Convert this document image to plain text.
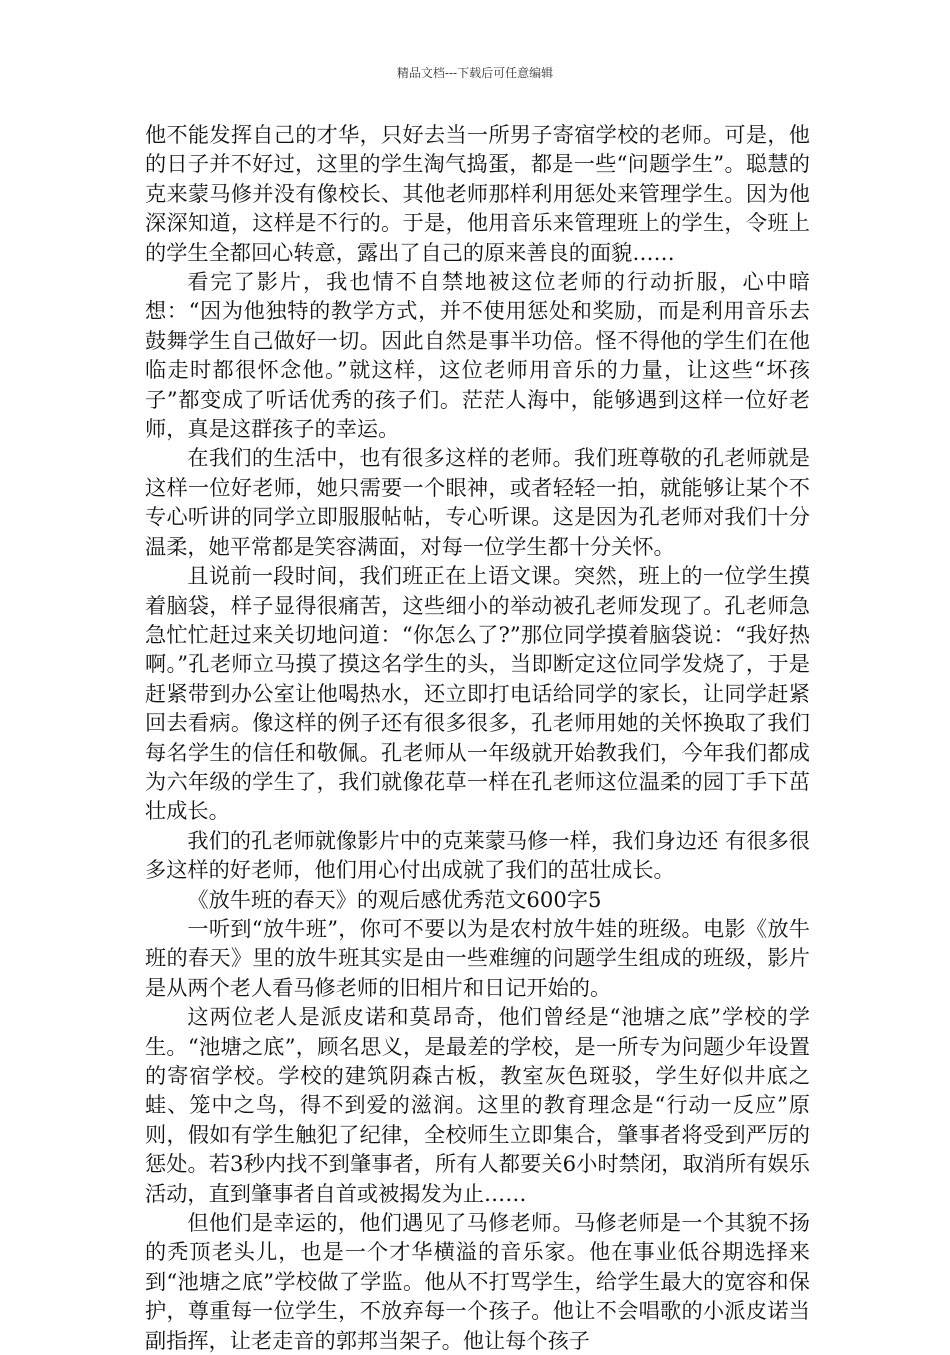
精品文档---下载后可任意编辑

他不能发挥自己的才华，只好去当一所男子寄宿学校的老师。可是，他的日子并不好过，这里的学生淘气捣蛋，都是一些“问题学生”。聪慧的克来蒙马修并没有像校长、其他老师那样利用惩处来管理学生。因为他深深知道，这样是不行的。于是，他用音乐来管理班上的学生，令班上的学生全都回心转意，露出了自己的原来善良的面貌……

看完了影片，我也情不自禁地被这位老师的行动折服，心中暗想：“因为他独特的教学方式，并不使用惩处和奖励，而是利用音乐去鼓舞学生自己做好一切。因此自然是事半功倍。怪不得他的学生们在他临走时都很怀念他。”就这样，这位老师用音乐的力量，让这些“坏孩子”都变成了听话优秀的孩子们。茫茫人海中，能够遇到这样一位好老师，真是这群孩子的幸运。

在我们的生活中，也有很多这样的老师。我们班尊敬的孔老师就是这样一位好老师，她只需要一个眼神，或者轻轻一拍，就能够让某个不专心听讲的同学立即服服帖帖，专心听课。这是因为孔老师对我们十分温柔，她平常都是笑容满面，对每一位学生都十分关怀。

且说前一段时间，我们班正在上语文课。突然，班上的一位学生摸着脑袋，样子显得很痛苦，这些细小的举动被孔老师发现了。孔老师急急忙忙赶过来关切地问道：“你怎么了?”那位同学摸着脑袋说：“我好热啊。”孔老师立马摸了摸这名学生的头，当即断定这位同学发烧了，于是赶紧带到办公室让他喝热水，还立即打电话给同学的家长，让同学赶紧回去看病。像这样的例子还有很多很多，孔老师用她的关怀换取了我们每名学生的信任和敬佩。孔老师从一年级就开始教我们，今年我们都成为六年级的学生了，我们就像花草一样在孔老师这位温柔的园丁手下茁壮成长。

我们的孔老师就像影片中的克莱蒙马修一样，我们身边还 有很多很多这样的好老师，他们用心付出成就了我们的茁壮成长。

《放牛班的春天》的观后感优秀范文600字5

一听到“放牛班”，你可不要以为是农村放牛娃的班级。电影《放牛班的春天》里的放牛班其实是由一些难缠的问题学生组成的班级，影片是从两个老人看马修老师的旧相片和日记开始的。

这两位老人是派皮诺和莫昂奇，他们曾经是“池塘之底”学校的学生。“池塘之底”，顾名思义，是最差的学校，是一所专为问题少年设置的寄宿学校。学校的建筑阴森古板，教室灰色斑驳，学生好似井底之蛙、笼中之鸟，得不到爱的滋润。这里的教育理念是“行动一反应”原则，假如有学生触犯了纪律，全校师生立即集合，肇事者将受到严厉的惩处。若3秒内找不到肇事者，所有人都要关6小时禁闭，取消所有娱乐活动，直到肇事者自首或被揭发为止……

但他们是幸运的，他们遇见了马修老师。马修老师是一个其貌不扬的秃顶老头儿，也是一个才华横溢的音乐家。他在事业低谷期选择来到“池塘之底”学校做了学监。他从不打骂学生，给学生最大的宽容和保护，尊重每一位学生，不放弃每一个孩子。他让不会唱歌的小派皮诺当副指挥，让老走音的郭邦当架子。他让每个孩子
